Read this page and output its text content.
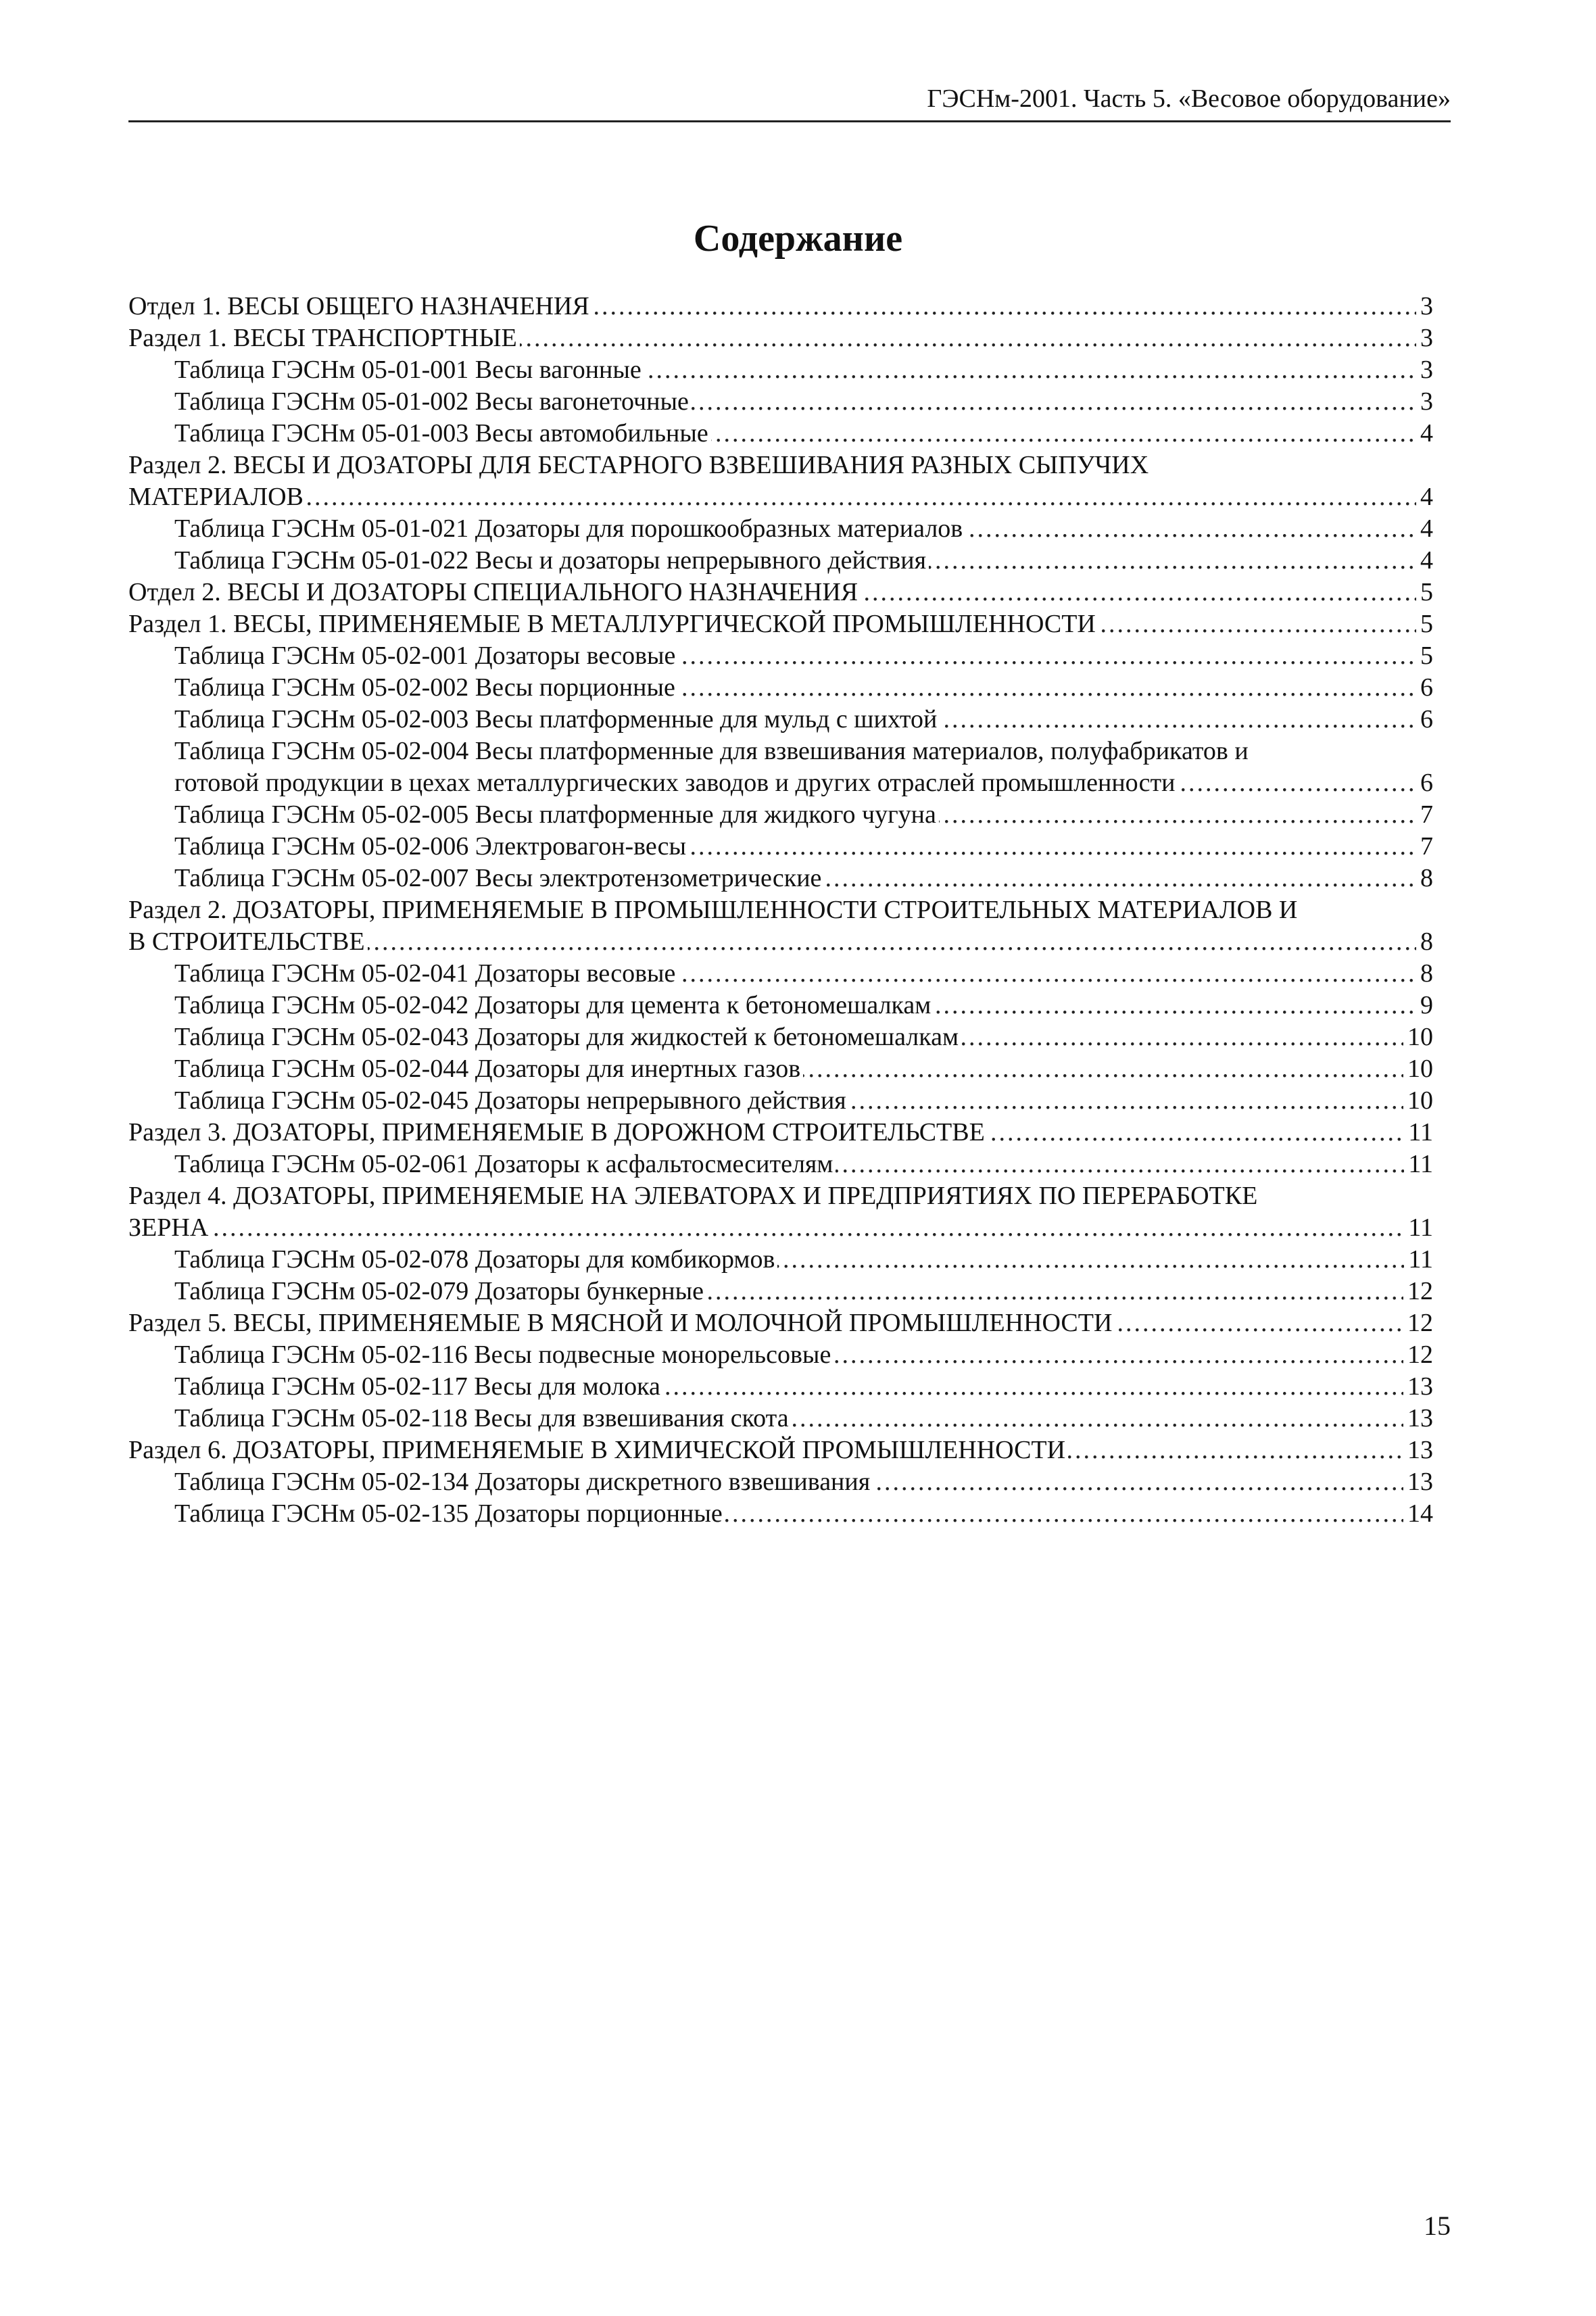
ГЭСНм-2001. Часть 5. «Весовое оборудование»
Содержание
Отдел 1. ВЕСЫ ОБЩЕГО НАЗНАЧЕНИЯ	3
.....
Раздел 1. ВЕСЫ ТРАНСПОРТНЫЕ	3
.....
Таблица ГЭСНм 05-01-001 Весы вагонные	3
.....
Таблица ГЭСНм 05-01-002 Весы вагонеточные	3
.....
Таблица ГЭСНм 05-01-003 Весы автомобильные	4
.....
Раздел 2. ВЕСЫ И ДОЗАТОРЫ ДЛЯ БЕСТАРНОГО ВЗВЕШИВАНИЯ РАЗНЫХ СЫПУЧИХ
МАТЕРИАЛОВ	4
.....
Таблица ГЭСНм 05-01-021 Дозаторы для порошкообразных материалов	4
.....
Таблица ГЭСНм 05-01-022 Весы и дозаторы непрерывного действия	4
.....
Отдел 2. ВЕСЫ И ДОЗАТОРЫ СПЕЦИАЛЬНОГО НАЗНАЧЕНИЯ	5
.....
Раздел 1. ВЕСЫ, ПРИМЕНЯЕМЫЕ В МЕТАЛЛУРГИЧЕСКОЙ ПРОМЫШЛЕННОСТИ	5
.....
Таблица ГЭСНм 05-02-001 Дозаторы весовые	5
.....
Таблица ГЭСНм 05-02-002 Весы порционные	6
.....
Таблица ГЭСНм 05-02-003 Весы платформенные для мульд с шихтой	6
.....
Таблица ГЭСНм 05-02-004 Весы платформенные для взвешивания материалов, полуфабрикатов и
готовой продукции в цехах металлургических заводов и других отраслей промышленности	6
.....
Таблица ГЭСНм 05-02-005 Весы платформенные для жидкого чугуна	7
.....
Таблица ГЭСНм 05-02-006 Электровагон-весы	7
.....
Таблица ГЭСНм 05-02-007 Весы электротензометрические	8
.....
Раздел 2. ДОЗАТОРЫ, ПРИМЕНЯЕМЫЕ В ПРОМЫШЛЕННОСТИ СТРОИТЕЛЬНЫХ МАТЕРИАЛОВ И
В СТРОИТЕЛЬСТВЕ	8
.....
Таблица ГЭСНм 05-02-041 Дозаторы весовые	8
.....
Таблица ГЭСНм 05-02-042 Дозаторы для цемента к бетономешалкам	9
.....
Таблица ГЭСНм 05-02-043 Дозаторы для жидкостей к бетономешалкам	10
.....
Таблица ГЭСНм 05-02-044 Дозаторы для инертных газов	10
.....
Таблица ГЭСНм 05-02-045 Дозаторы непрерывного действия	10
.....
Раздел 3. ДОЗАТОРЫ, ПРИМЕНЯЕМЫЕ В ДОРОЖНОМ СТРОИТЕЛЬСТВЕ	11
.....
Таблица ГЭСНм 05-02-061 Дозаторы к асфальтосмесителям	11
.....
Раздел 4. ДОЗАТОРЫ, ПРИМЕНЯЕМЫЕ НА ЭЛЕВАТОРАХ И ПРЕДПРИЯТИЯХ ПО ПЕРЕРАБОТКЕ
ЗЕРНА	11
.....
Таблица ГЭСНм 05-02-078 Дозаторы для комбикормов	11
.....
Таблица ГЭСНм 05-02-079 Дозаторы бункерные	12
.....
Раздел 5. ВЕСЫ, ПРИМЕНЯЕМЫЕ В МЯСНОЙ И МОЛОЧНОЙ ПРОМЫШЛЕННОСТИ	12
.....
Таблица ГЭСНм 05-02-116 Весы подвесные монорельсовые	12
.....
Таблица ГЭСНм 05-02-117 Весы для молока	13
.....
Таблица ГЭСНм 05-02-118 Весы для взвешивания скота	13
.....
Раздел 6. ДОЗАТОРЫ, ПРИМЕНЯЕМЫЕ В ХИМИЧЕСКОЙ ПРОМЫШЛЕННОСТИ	13
.....
Таблица ГЭСНм 05-02-134 Дозаторы дискретного взвешивания	13
.....
Таблица ГЭСНм 05-02-135 Дозаторы порционные	14
.....
15
